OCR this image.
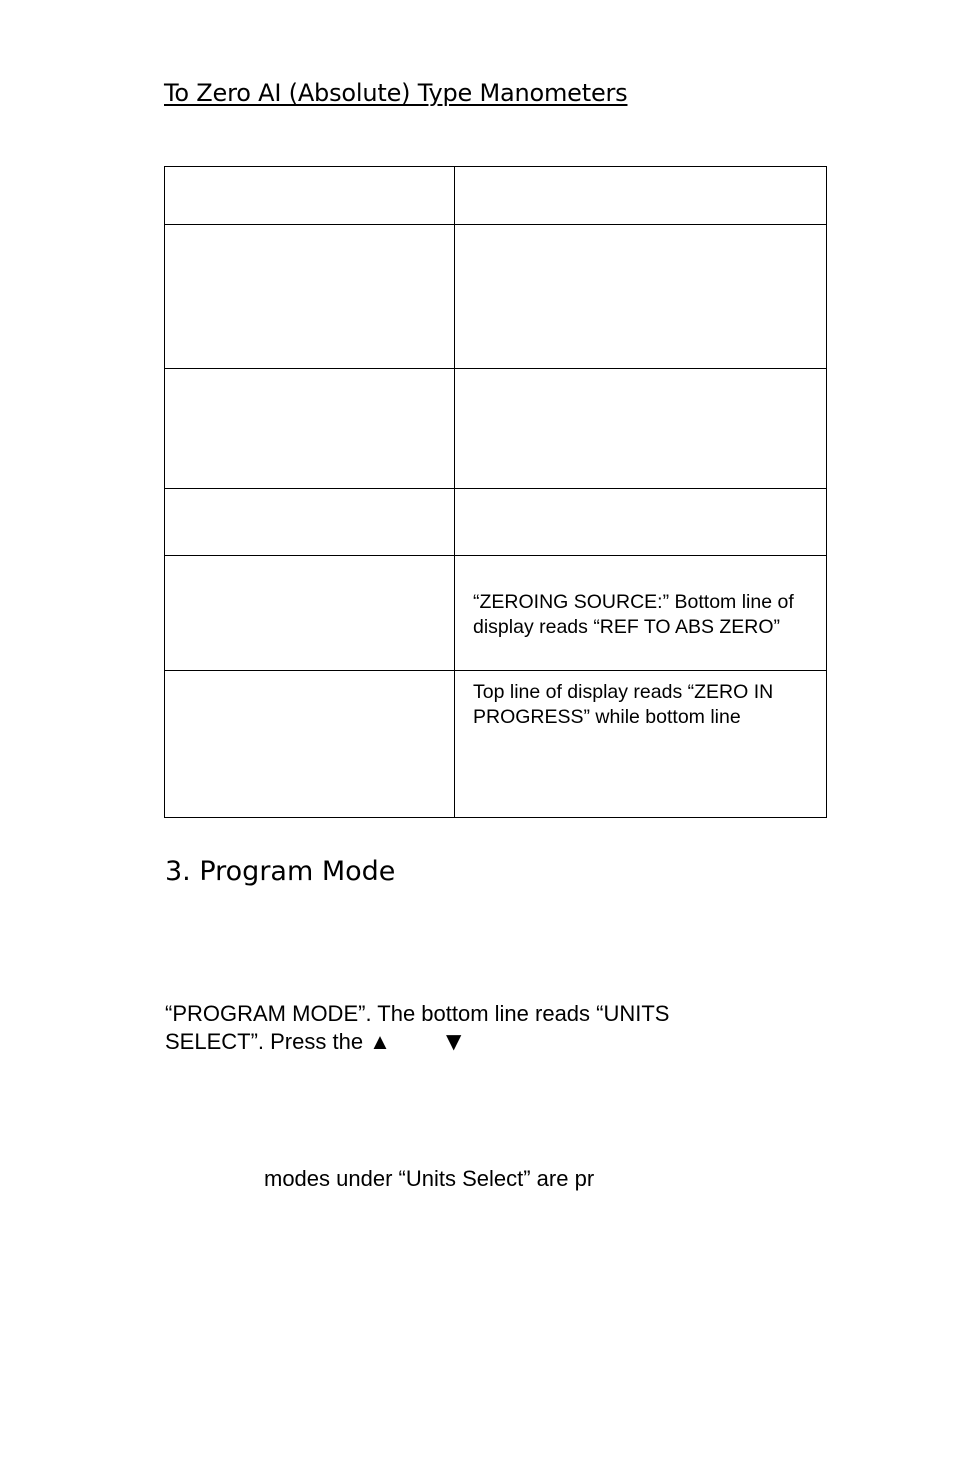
To Zero AI (Absolute) Type Manometers

	“ZEROING SOURCE:” Bottom line of display reads “REF TO ABS ZERO”
	Top line of display reads “ZERO IN PROGRESS” while bottom line
3. Program Mode

“PROGRAM MODE”. The bottom line reads “UNITS

SELECT”. Press the ▲	▼

modes under “Units Select” are pr
